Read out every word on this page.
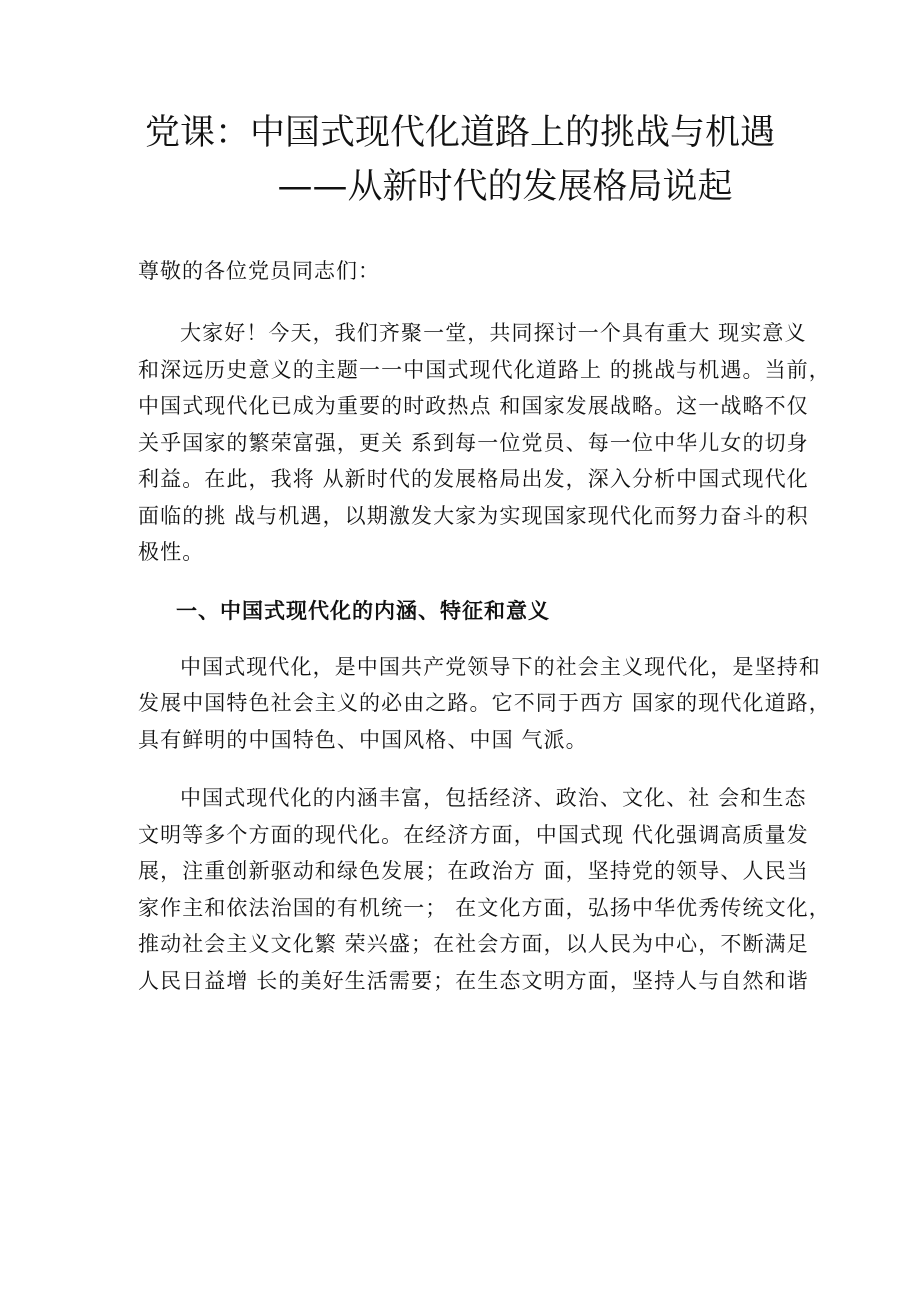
党课：中国式现代化道路上的挑战与机遇
——从新时代的发展格局说起
尊敬的各位党员同志们：
大家好！今天，我们齐聚一堂，共同探讨一个具有重大 现实意义
和深远历史意义的主题一一中国式现代化道路上 的挑战与机遇。当前，
中国式现代化已成为重要的时政热点 和国家发展战略。这一战略不仅
关乎国家的繁荣富强，更关 系到每一位党员、每一位中华儿女的切身
利益。在此，我将 从新时代的发展格局出发，深入分析中国式现代化
面临的挑 战与机遇，以期激发大家为实现国家现代化而努力奋斗的积
极性。
一、中国式现代化的内涵、特征和意义
中国式现代化，是中国共产党领导下的社会主义现代化，是坚持和
发展中国特色社会主义的必由之路。它不同于西方 国家的现代化道路，
具有鲜明的中国特色、中国风格、中国 气派。
中国式现代化的内涵丰富，包括经济、政治、文化、社 会和生态
文明等多个方面的现代化。在经济方面，中国式现 代化强调高质量发
展，注重创新驱动和绿色发展；在政治方 面，坚持党的领导、人民当
家作主和依法治国的有机统一； 在文化方面，弘扬中华优秀传统文化，
推动社会主义文化繁 荣兴盛；在社会方面，以人民为中心，不断满足
人民日益增 长的美好生活需要；在生态文明方面，坚持人与自然和谐
